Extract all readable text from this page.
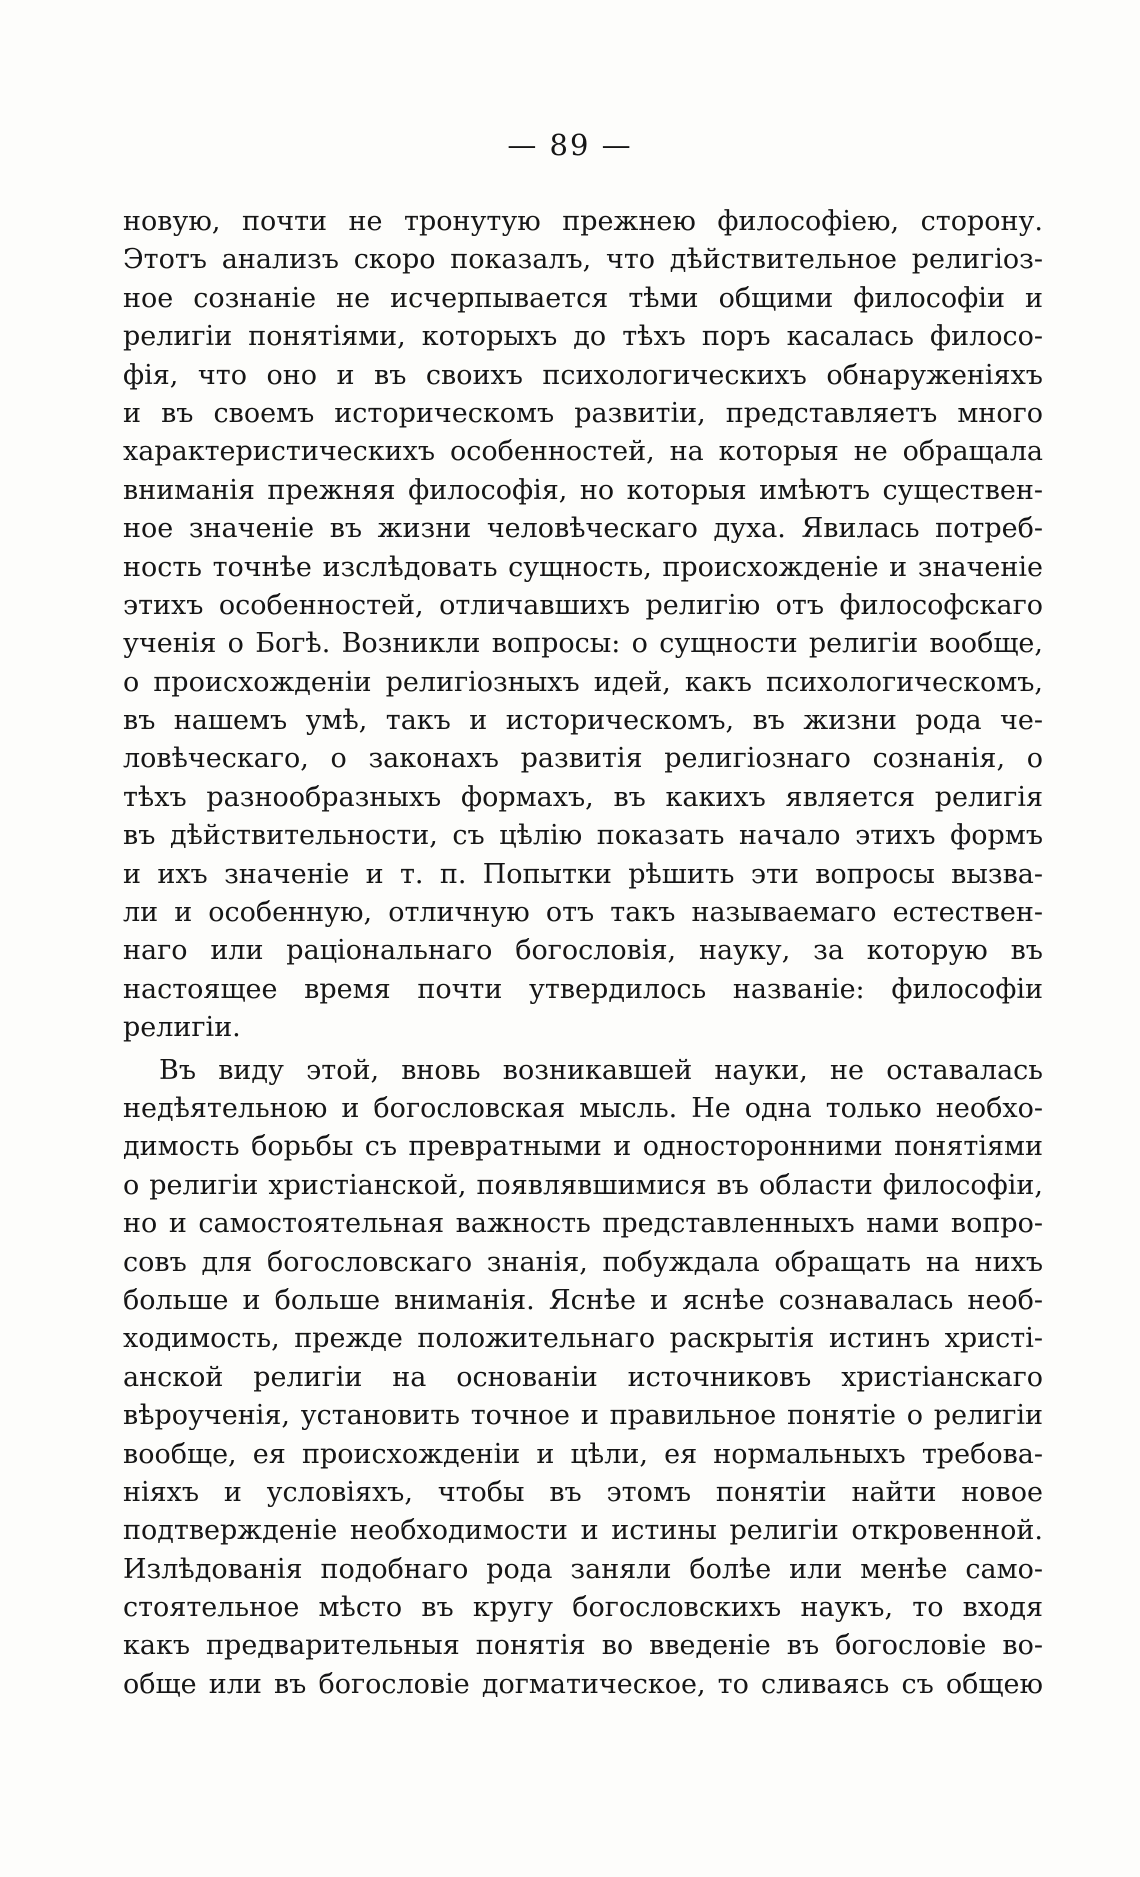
— 89 —
новую, почти не тронутую прежнею философiею, сторону.
Этотъ анализъ скоро показалъ, что дѣйствительное религiоз-
ное сознанiе не исчерпывается тѣми общими философiи и
религiи понятiями, которыхъ до тѣхъ поръ касалась филосо-
фiя, что оно и въ своихъ психологическихъ обнаруженiяхъ
и въ своемъ историческомъ развитiи, представляетъ много
характеристическихъ особенностей, на которыя не обращала
вниманiя прежняя философiя, но которыя имѣютъ существен-
ное значенiе въ жизни человѣческаго духа. Явилась потреб-
ность точнѣе изслѣдовать сущность, происхожденiе и значенiе
этихъ особенностей, отличавшихъ религiю отъ философскаго
ученiя о Богѣ. Возникли вопросы: о сущности религiи вообще,
о происхожденiи религiозныхъ идей, какъ психологическомъ,
въ нашемъ умѣ, такъ и историческомъ, въ жизни рода че-
ловѣческаго, о законахъ развитiя религiознаго сознанiя, о
тѣхъ разнообразныхъ формахъ, въ какихъ является религiя
въ дѣйствительности, съ цѣлiю показать начало этихъ формъ
и ихъ значенiе и т. п. Попытки рѣшить эти вопросы вызва-
ли и особенную, отличную отъ такъ называемаго естествен-
наго или рацiональнаго богословiя, науку, за которую въ
настоящее время почти утвердилось названiе: философiи
религiи.
Въ виду этой, вновь возникавшей науки, не оставалась
недѣятельною и богословская мысль. Не одна только необхо-
димость борьбы съ превратными и односторонними понятiями
о религiи христiанской, появлявшимися въ области философiи,
но и самостоятельная важность представленныхъ нами вопро-
совъ для богословскаго знанiя, побуждала обращать на нихъ
больше и больше вниманiя. Яснѣе и яснѣе сознавалась необ-
ходимость, прежде положительнаго раскрытiя истинъ христi-
анской религiи на основанiи источниковъ христiанскаго
вѣроученiя, установить точное и правильное понятiе о религiи
вообще, ея происхожденiи и цѣли, ея нормальныхъ требова-
нiяхъ и условiяхъ, чтобы въ этомъ понятiи найти новое
подтвержденiе необходимости и истины религiи откровенной.
Излѣдованiя подобнаго рода заняли болѣе или менѣе само-
стоятельное мѣсто въ кругу богословскихъ наукъ, то входя
какъ предварительныя понятiя во введенiе въ богословiе во-
обще или въ богословiе догматическое, то сливаясь съ общею
